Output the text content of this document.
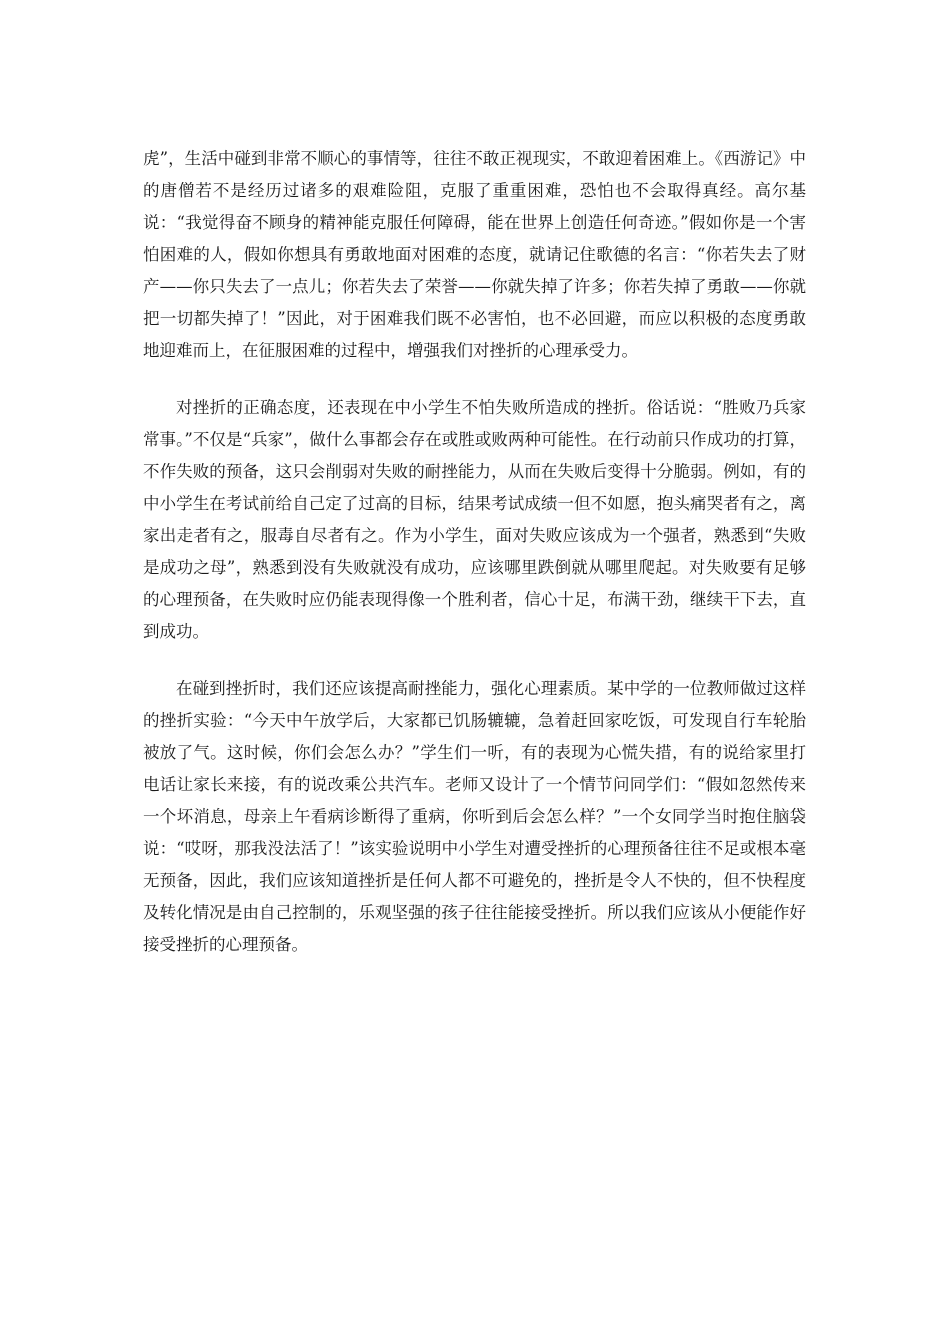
虎”，生活中碰到非常不顺心的事情等，往往不敢正视现实，不敢迎着困难上。《西游记》中的唐僧若不是经历过诸多的艰难险阻，克服了重重困难，恐怕也不会取得真经。高尔基说：“我觉得奋不顾身的精神能克服任何障碍，能在世界上创造任何奇迹。”假如你是一个害怕困难的人，假如你想具有勇敢地面对困难的态度，就请记住歌德的名言：“你若失去了财产——你只失去了一点儿；你若失去了荣誉——你就失掉了许多；你若失掉了勇敢——你就把一切都失掉了！”因此，对于困难我们既不必害怕，也不必回避，而应以积极的态度勇敢地迎难而上，在征服困难的过程中，增强我们对挫折的心理承受力。

对挫折的正确态度，还表现在中小学生不怕失败所造成的挫折。俗话说：“胜败乃兵家常事。”不仅是“兵家”，做什么事都会存在或胜或败两种可能性。在行动前只作成功的打算，不作失败的预备，这只会削弱对失败的耐挫能力，从而在失败后变得十分脆弱。例如，有的中小学生在考试前给自己定了过高的目标，结果考试成绩一但不如愿，抱头痛哭者有之，离家出走者有之，服毒自尽者有之。作为小学生，面对失败应该成为一个强者，熟悉到“失败是成功之母”，熟悉到没有失败就没有成功，应该哪里跌倒就从哪里爬起。对失败要有足够的心理预备，在失败时应仍能表现得像一个胜利者，信心十足，布满干劲，继续干下去，直到成功。

在碰到挫折时，我们还应该提高耐挫能力，强化心理素质。某中学的一位教师做过这样的挫折实验：“今天中午放学后，大家都已饥肠辘辘，急着赶回家吃饭，可发现自行车轮胎被放了气。这时候，你们会怎么办？”学生们一听，有的表现为心慌失措，有的说给家里打电话让家长来接，有的说改乘公共汽车。老师又设计了一个情节问同学们：“假如忽然传来一个坏消息，母亲上午看病诊断得了重病，你听到后会怎么样？”一个女同学当时抱住脑袋说：“哎呀，那我没法活了！”该实验说明中小学生对遭受挫折的心理预备往往不足或根本毫无预备，因此，我们应该知道挫折是任何人都不可避免的，挫折是令人不快的，但不快程度及转化情况是由自己控制的，乐观坚强的孩子往往能接受挫折。所以我们应该从小便能作好接受挫折的心理预备。
